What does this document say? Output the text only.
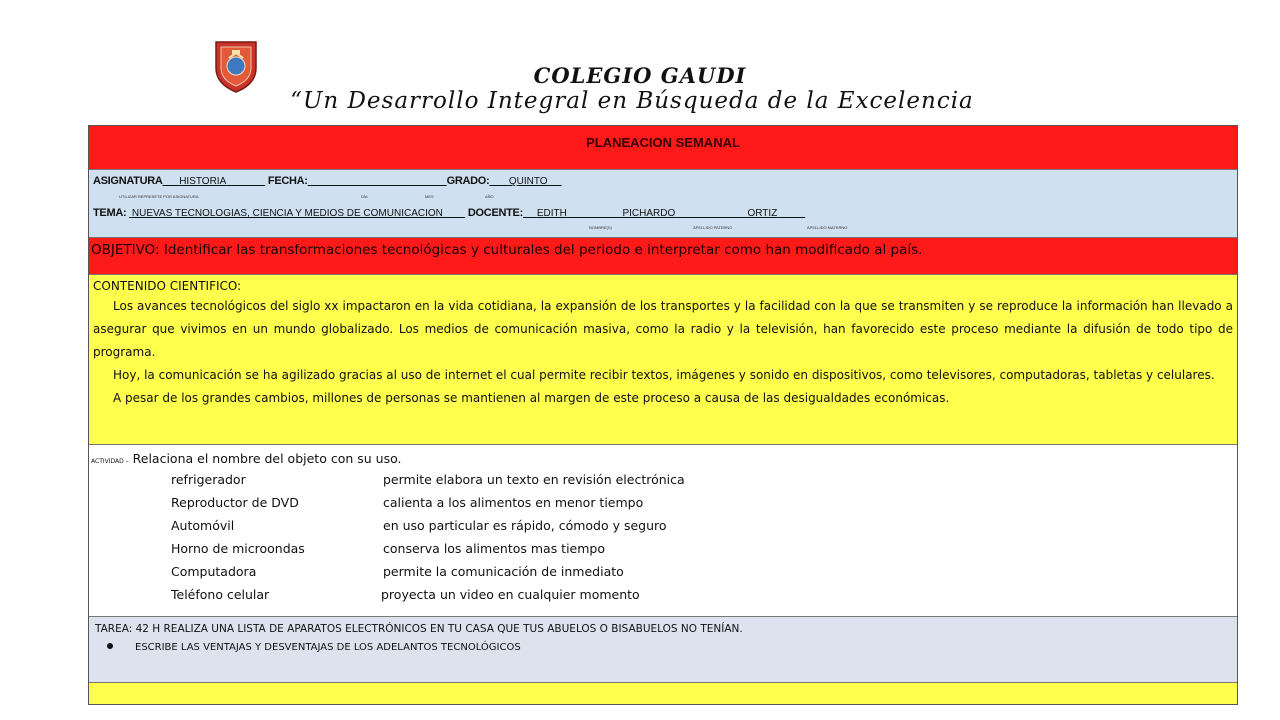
COLEGIO GAUDI
“Un Desarrollo Integral en Búsqueda de la Excelencia
PLANEACION SEMANAL
ASIGNATURA HISTORIA	FECHA:	GRADO: QUINTO
UTILIZAR REPRESETE POR ASIGNATURA	DÍA	MES	AÑO
TEMA: NUEVAS TECNOLOGIAS, CIENCIA Y MEDIOS DE COMUNICACION DOCENTE: EDITH	PICHARDO	ORTIZ
NOMBRE(S)	APELLIDO PATERNO	APELLIDO MATERNO
OBJETIVO: Identificar las transformaciones tecnológicas y culturales del periodo e interpretar como han modificado al país.
CONTENIDO CIENTIFICO:

Los avances tecnológicos del siglo xx impactaron en la vida cotidiana, la expansión de los transportes y la facilidad con la que se transmiten y se reproduce la información han llevado a asegurar que vivimos en un mundo globalizado. Los medios de comunicación masiva, como la radio y la televisión, han favorecido este proceso mediante la difusión de todo tipo de programa.

Hoy, la comunicación se ha agilizado gracias al uso de internet el cual permite recibir textos, imágenes y sonido en dispositivos, como televisores, computadoras, tabletas y celulares.

A pesar de los grandes cambios, millones de personas se mantienen al margen de este proceso a causa de las desigualdades económicas.

ACTIVIDAD – Relaciona el nombre del objeto con su uso.
refrigerador	permite elabora un texto en revisión electrónica
Reproductor de DVD	calienta a los alimentos en menor tiempo
Automóvil	en uso particular es rápido, cómodo y seguro
Horno de microondas	conserva los alimentos mas tiempo
Computadora	permite la comunicación de inmediato
Teléfono celular	proyecta un video en cualquier momento
TAREA: 42 H REALIZA UNA LISTA DE APARATOS ELECTRÓNICOS EN TU CASA QUE TUS ABUELOS O BISABUELOS NO TENÍAN.
ESCRIBE LAS VENTAJAS Y DESVENTAJAS DE LOS ADELANTOS TECNOLÓGICOS
